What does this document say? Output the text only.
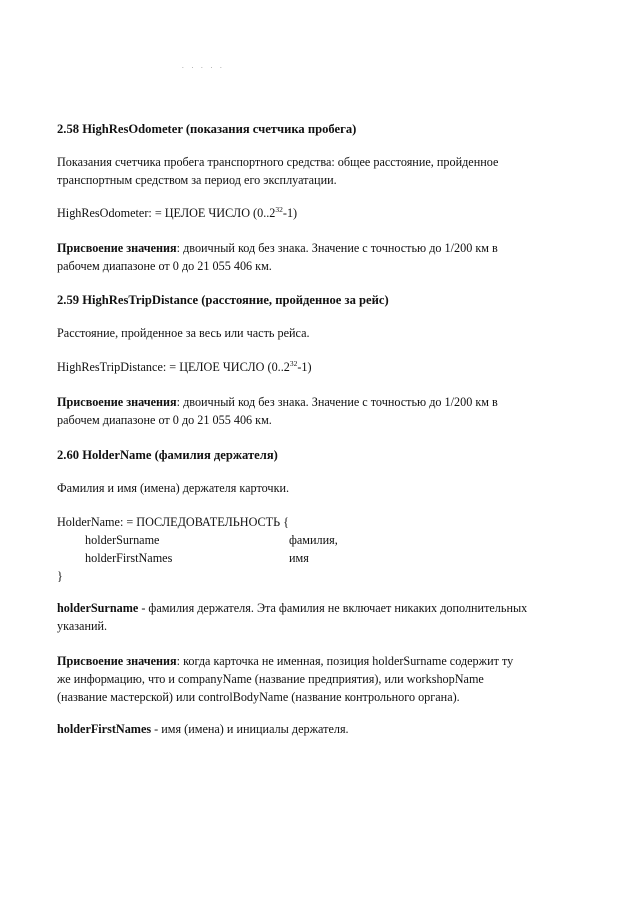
. . . . .
2.58 HighResOdometer (показания счетчика пробега)
Показания счетчика пробега транспортного средства: общее расстояние, пройденное
транспортным средством за период его эксплуатации.
HighResOdometer: = ЦЕЛОЕ ЧИСЛО (0..2$^{32}$-1)
Присвоение значения: двоичный код без знака. Значение с точностью до 1/200 км в
рабочем диапазоне от 0 до 21 055 406 км.
2.59 HighResTripDistance (расстояние, пройденное за рейс)
Расстояние, пройденное за весь или часть рейса.
HighResTripDistance: = ЦЕЛОЕ ЧИСЛО (0..2$^{32}$-1)
Присвоение значения: двоичный код без знака. Значение с точностью до 1/200 км в
рабочем диапазоне от 0 до 21 055 406 км.
2.60 HolderName (фамилия держателя)
Фамилия и имя (имена) держателя карточки.
HolderName: = ПОСЛЕДОВАТЕЛЬНОСТЬ {
holderSurname	фамилия,
holderFirstNames	имя
}
holderSurname - фамилия держателя. Эта фамилия не включает никаких дополнительных
указаний.
Присвоение значения: когда карточка не именная, позиция holderSurname содержит ту
же информацию, что и companyName (название предприятия), или workshopName
(название мастерской) или controlBodyName (название контрольного органа).
holderFirstNames - имя (имена) и инициалы держателя.
